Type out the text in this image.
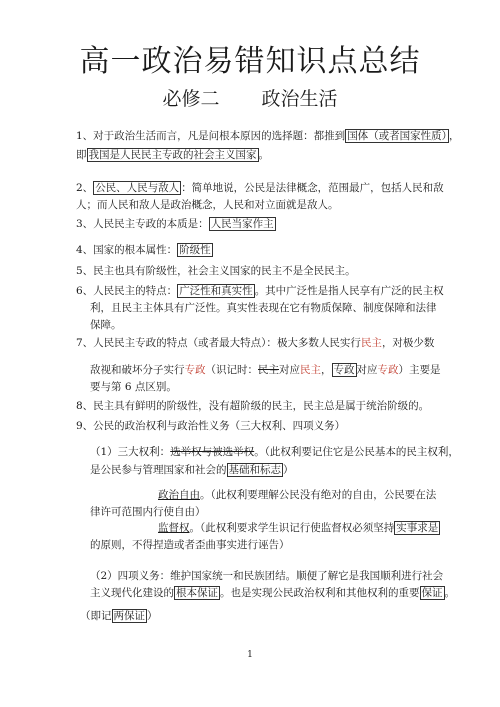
高一政治易错知识点总结
必修二 政治生活
1、对于政治生活而言，凡是问根本原因的选择题：都推到 国体（或者国家性质） ，
即 我国是人民民主专政的社会主义国家 。
2、 公民、人民与敌人 ：简单地说，公民是法律概念，范围最广，包括人民和敌
人；而人民和敌人是政治概念，人民和对立面就是敌人。
3、人民民主专政的本质是： 人民当家作主
4、国家的根本属性： 阶级性
5、民主也具有阶级性，社会主义国家的民主不是全民民主。
6、人民民主的特点： 广泛性和真实性 。其中广泛性是指人民享有广泛的民主权
利，且民主主体具有广泛性。真实性表现在它有物质保障、制度保障和法律
保障。
7、人民民主专政的特点（或者最大特点）：极大多数人民实行民主，对极少数
敌视和破坏分子实行专政（识记时：民主对应民主， 专政 对应专政）主要是
要与第 6 点区别。
8、民主具有鲜明的阶级性，没有超阶级的民主，民主总是属于统治阶级的。
9、公民的政治权利与政治性义务（三大权利、四项义务）
（1）三大权利：选举权与被选举权。（此权利要记住它是公民基本的民主权利，
是公民参与管理国家和社会的 基础和标志 ）
政治自由。（此权利要理解公民没有绝对的自由，公民要在法
律许可范围内行使自由）
监督权。（此权利要求学生识记行使监督权必须坚持 实事求是
的原则，不得捏造或者歪曲事实进行诬告）
（2）四项义务：维护国家统一和民族团结。顺便了解它是我国顺利进行社会
主义现代化建设的 根本保证 。也是实现公民政治权利和其他权利的重要 保证 。
（即记 两保证 ）
1
